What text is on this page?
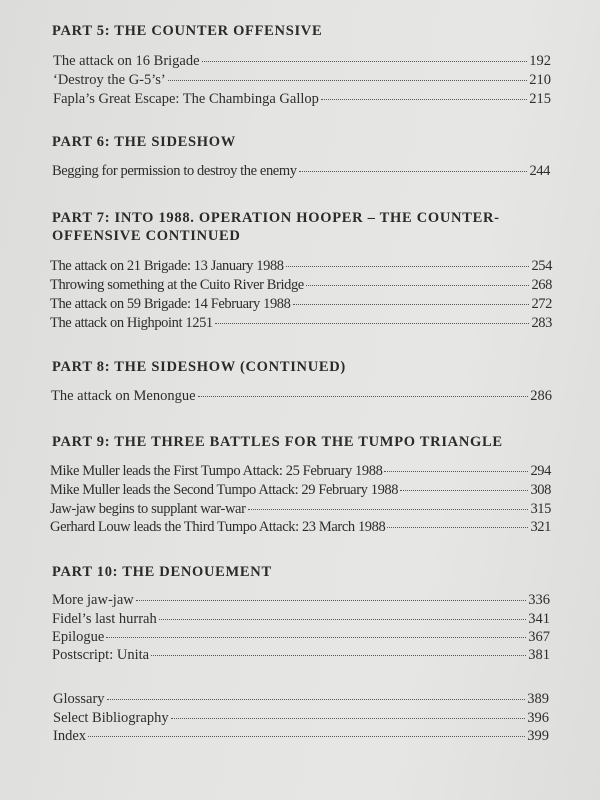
PART 5: THE COUNTER OFFENSIVE
The attack on 16 Brigade	192
‘Destroy the G-5’s’	210
Fapla’s Great Escape: The Chambinga Gallop	215
PART 6: THE SIDESHOW
Begging for permission to destroy the enemy	244
PART 7: INTO 1988. OPERATION HOOPER – THE COUNTER-
OFFENSIVE CONTINUED
The attack on 21 Brigade: 13 January 1988	254
Throwing something at the Cuito River Bridge	268
The attack on 59 Brigade: 14 February 1988	272
The attack on Highpoint 1251	283
PART 8: THE SIDESHOW (CONTINUED)
The attack on Menongue	286
PART 9: THE THREE BATTLES FOR THE TUMPO TRIANGLE
Mike Muller leads the First Tumpo Attack: 25 February 1988	294
Mike Muller leads the Second Tumpo Attack: 29 February 1988	308
Jaw-jaw begins to supplant war-war	315
Gerhard Louw leads the Third Tumpo Attack: 23 March 1988	321
PART 10: THE DENOUEMENT
More jaw-jaw	336
Fidel’s last hurrah	341
Epilogue	367
Postscript: Unita	381
Glossary	389
Select Bibliography	396
Index	399
